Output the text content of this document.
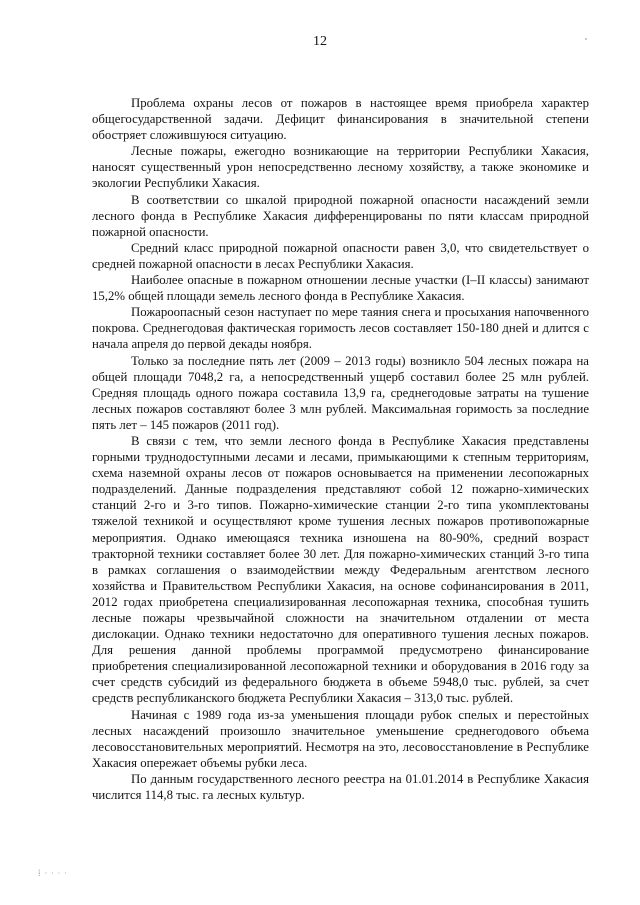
12

Проблема охраны лесов от пожаров в настоящее время приобрела характер общегосударственной задачи. Дефицит финансирования в значительной степени обостряет сложившуюся ситуацию.

Лесные пожары, ежегодно возникающие на территории Республики Хакасия, наносят существенный урон непосредственно лесному хозяйству, а также экономике и экологии Республики Хакасия.

В соответствии со шкалой природной пожарной опасности насаждений земли лесного фонда в Республике Хакасия дифференцированы по пяти классам природной пожарной опасности.

Средний класс природной пожарной опасности равен 3,0, что свидетельствует о средней пожарной опасности в лесах Республики Хакасия.

Наиболее опасные в пожарном отношении лесные участки (I–II классы) занимают 15,2% общей площади земель лесного фонда в Республике Хакасия.

Пожароопасный сезон наступает по мере таяния снега и просыхания напочвенного покрова. Среднегодовая фактическая горимость лесов составляет 150-180 дней и длится с начала апреля до первой декады ноября.

Только за последние пять лет (2009 – 2013 годы) возникло 504 лесных пожара на общей площади 7048,2 га, а непосредственный ущерб составил более 25 млн рублей. Средняя площадь одного пожара составила 13,9 га, среднегодовые затраты на тушение лесных пожаров составляют более 3 млн рублей. Максимальная горимость за последние пять лет – 145 пожаров (2011 год).

В связи с тем, что земли лесного фонда в Республике Хакасия представлены горными труднодоступными лесами и лесами, примыкающими к степным территориям, схема наземной охраны лесов от пожаров основывается на применении лесопожарных подразделений. Данные подразделения представляют собой 12 пожарно-химических станций 2-го и 3-го типов. Пожарно-химические станции 2-го типа укомплектованы тяжелой техникой и осуществляют кроме тушения лесных пожаров противопожарные мероприятия. Однако имеющаяся техника изношена на 80-90%, средний возраст тракторной техники составляет более 30 лет. Для пожарно-химических станций 3-го типа в рамках соглашения о взаимодействии между Федеральным агентством лесного хозяйства и Правительством Республики Хакасия, на основе софинансирования в 2011, 2012 годах приобретена специализированная лесопожарная техника, способная тушить лесные пожары чрезвычайной сложности на значительном отдалении от места дислокации. Однако техники недостаточно для оперативного тушения лесных пожаров. Для решения данной проблемы программой предусмотрено финансирование приобретения специализированной лесопожарной техники и оборудования в 2016 году за счет средств субсидий из федерального бюджета в объеме 5948,0 тыс. рублей, за счет средств республиканского бюджета Республики Хакасия – 313,0 тыс. рублей.

Начиная с 1989 года из-за уменьшения площади рубок спелых и перестойных лесных насаждений произошло значительное уменьшение среднегодового объема лесовосстановительных мероприятий. Несмотря на это, лесовосстановление в Республике Хакасия опережает объемы рубки леса.

По данным государственного лесного реестра на 01.01.2014 в Республике Хакасия числится 114,8 тыс. га лесных культур.

⁞ ∙ ∙ ∙ ∙
